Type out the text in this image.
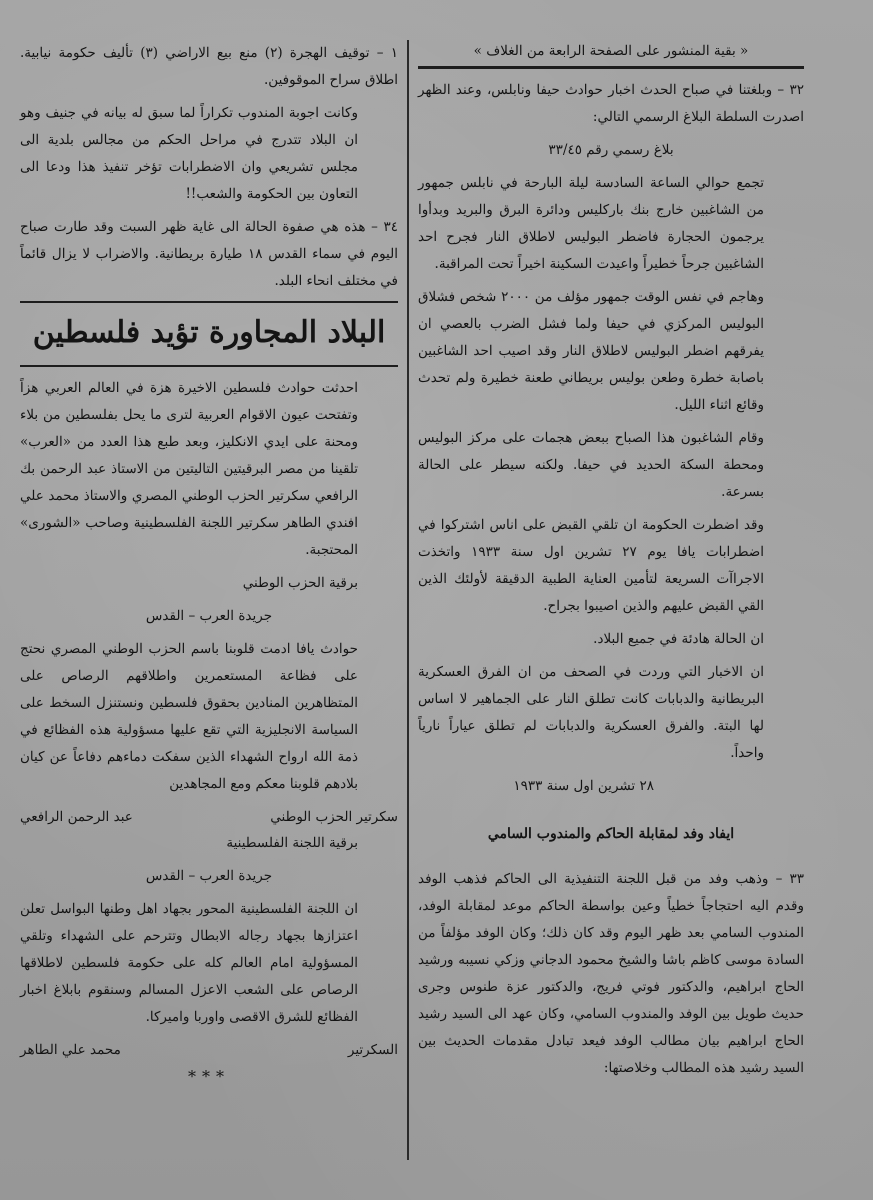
« بقية المنشور على الصفحة الرابعة من الغلاف »

٣٢ – وبلغتنا في صباح الحدث اخبار حوادث حيفا ونابلس، وعند الظهر اصدرت السلطة البلاغ الرسمي التالي:

بلاغ رسمي رقم ٣٣/٤٥

تجمع حوالي الساعة السادسة ليلة البارحة في نابلس جمهور من الشاغبين خارج بنك باركليس ودائرة البرق والبريد وبدأوا يرجمون الحجارة فاضطر البوليس لاطلاق النار فجرح احد الشاغبين جرحاً خطيراً واعيدت السكينة اخيراً تحت المراقبة.

وهاجم في نفس الوقت جمهور مؤلف من ٢٠٠٠ شخص فشلاق البوليس المركزي في حيفا ولما فشل الضرب بالعصي ان يفرقهم اضطر البوليس لاطلاق النار وقد اصيب احد الشاغبين باصابة خطرة وطعن بوليس بريطاني طعنة خطيرة ولم تحدث وقائع اثناء الليل.

وقام الشاغبون هذا الصباح ببعض هجمات على مركز البوليس ومحطة السكة الحديد في حيفا. ولكنه سيطر على الحالة بسرعة.

وقد اضطرت الحكومة ان تلقي القبض على اناس اشتركوا في اضطرابات يافا يوم ٢٧ تشرين اول سنة ١٩٣٣ واتخذت الاجراآت السريعة لتأمين العناية الطبية الدقيقة لأولئك الذين القي القبض عليهم والذين اصيبوا بجراح.

ان الحالة هادئة في جميع البلاد.

ان الاخبار التي وردت في الصحف من ان الفرق العسكرية البريطانية والدبابات كانت تطلق النار على الجماهير لا اساس لها البتة. والفرق العسكرية والدبابات لم تطلق عياراً نارياً واحداً.

٢٨ تشرين اول سنة ١٩٣٣

ايفاد وفد لمقابلة الحاكم والمندوب السامي

٣٣ – وذهب وفد من قبل اللجنة التنفيذية الى الحاكم فذهب الوفد وقدم اليه احتجاجاً خطياً وعين بواسطة الحاكم موعد لمقابلة الوفد، المندوب السامي بعد ظهر اليوم وقد كان ذلك؛ وكان الوفد مؤلفاً من السادة موسى كاظم باشا والشيخ محمود الدجاني وزكي نسيبه ورشيد الحاج ابراهيم، والدكتور فوتي فريج، والدكتور عزة طنوس وجرى حديث طويل بين الوفد والمندوب السامي، وكان عهد الى السيد رشيد الحاج ابراهيم بيان مطالب الوفد فيعد تبادل مقدمات الحديث بين السيد رشيد هذه المطالب وخلاصتها:

١ – توقيف الهجرة (٢) منع بيع الاراضي (٣) تأليف حكومة نيابية. اطلاق سراح الموقوفين.

وكانت اجوبة المندوب تكراراً لما سبق له بيانه في جنيف وهو ان البلاد تتدرج في مراحل الحكم من مجالس بلدية الى مجلس تشريعي وان الاضطرابات تؤخر تنفيذ هذا ودعا الى التعاون بين الحكومة والشعب!!

٣٤ – هذه هي صفوة الحالة الى غاية ظهر السبت وقد طارت صباح اليوم في سماء القدس ١٨ طيارة بريطانية. والاضراب لا يزال قائماً في مختلف انحاء البلد.

البلاد المجاورة تؤيد فلسطين

احدثت حوادث فلسطين الاخيرة هزة في العالم العربي هزاً وتفتحت عيون الاقوام العربية لترى ما يحل بفلسطين من بلاء ومحنة على ايدي الانكليز، وبعد طبع هذا العدد من «العرب» تلقينا من مصر البرقيتين التاليتين من الاستاذ عبد الرحمن بك الرافعي سكرتير الحزب الوطني المصري والاستاذ محمد علي افندي الطاهر سكرتير اللجنة الفلسطينية وصاحب «الشورى» المحتجبة.

برقية الحزب الوطني

جريدة العرب – القدس

حوادث يافا ادمت قلوبنا باسم الحزب الوطني المصري نحتج على فظاعة المستعمرين واطلاقهم الرصاص على المتظاهرين المنادين بحقوق فلسطين ونستنزل السخط على السياسة الانجليزية التي تقع عليها مسؤولية هذه الفظائع في ذمة الله ارواح الشهداء الذين سفكت دماءهم دفاعاً عن كيان بلادهم قلوبنا معكم ومع المجاهدين

سكرتير الحزب الوطني
عبد الرحمن الرافعي

برقية اللجنة الفلسطينية

جريدة العرب – القدس

ان اللجنة الفلسطينية المحور بجهاد اهل وطنها البواسل تعلن اعتزازها بجهاد رجاله الابطال وتترحم على الشهداء وتلقي المسؤولية امام العالم كله على حكومة فلسطين لاطلاقها الرصاص على الشعب الاعزل المسالم وسنقوم بابلاغ اخبار الفظائع للشرق الاقصى واوربا واميركا.

السكرتير
محمد علي الطاهر
***
